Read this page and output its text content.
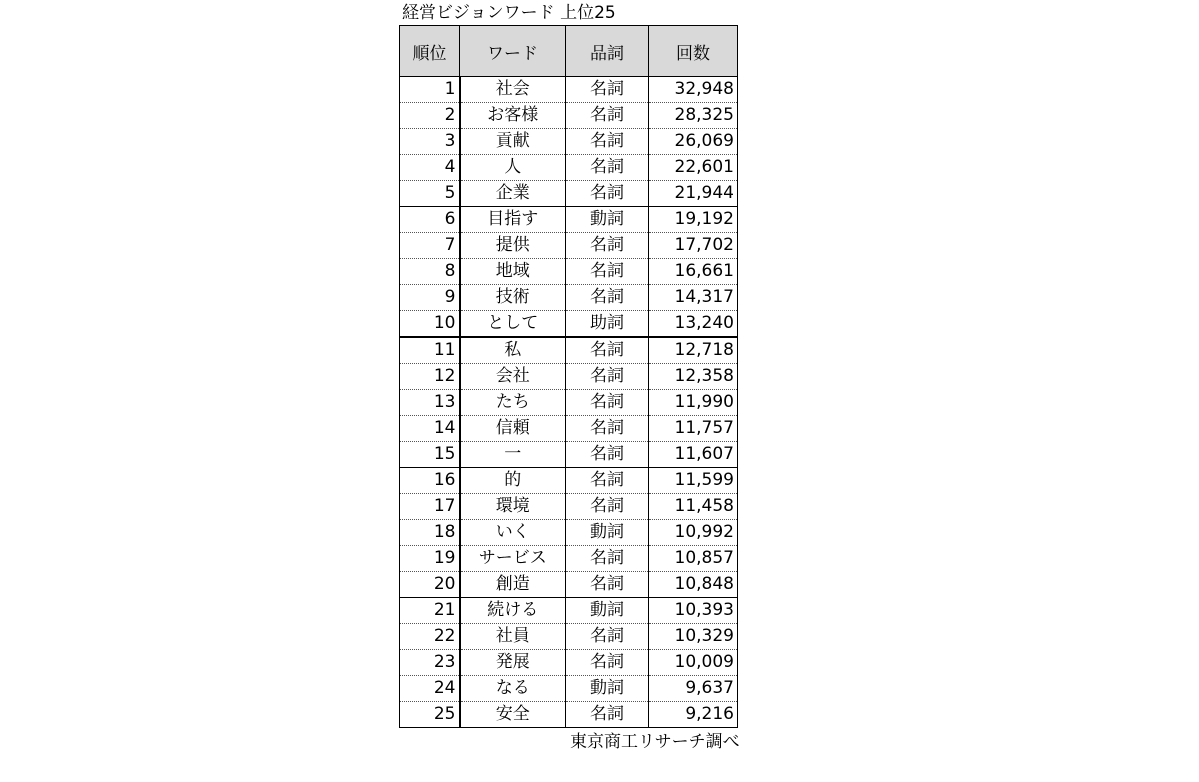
経営ビジョンワード 上位25
順位	ワード	品詞	回数
1	社会	名詞	32,948
2	お客様	名詞	28,325
3	貢献	名詞	26,069
4	人	名詞	22,601
5	企業	名詞	21,944
6	目指す	動詞	19,192
7	提供	名詞	17,702
8	地域	名詞	16,661
9	技術	名詞	14,317
10	として	助詞	13,240
11	私	名詞	12,718
12	会社	名詞	12,358
13	たち	名詞	11,990
14	信頼	名詞	11,757
15	一	名詞	11,607
16	的	名詞	11,599
17	環境	名詞	11,458
18	いく	動詞	10,992
19	サービス	名詞	10,857
20	創造	名詞	10,848
21	続ける	動詞	10,393
22	社員	名詞	10,329
23	発展	名詞	10,009
24	なる	動詞	9,637
25	安全	名詞	9,216
東京商工リサーチ調べ
